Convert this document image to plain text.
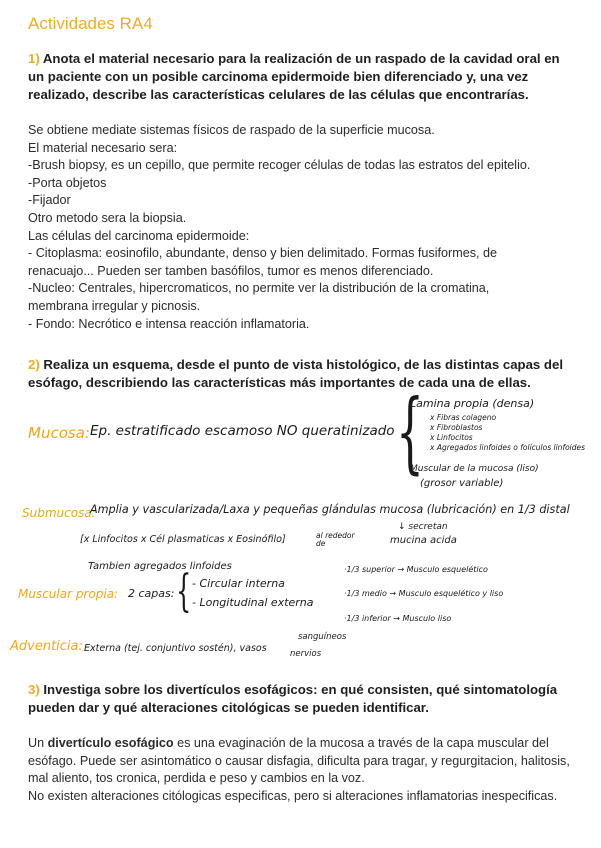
Actividades RA4
1) Anota el material necesario para la realización de un raspado de la cavidad oral en un paciente con un posible carcinoma epidermoide bien diferenciado y, una vez realizado, describe las características celulares de las células que encontrarías.
Se obtiene mediate sistemas físicos de raspado de la superficie mucosa.
El material necesario sera:
-Brush biopsy, es un cepillo, que permite recoger células de todas las estratos del epitelio.
-Porta objetos
-Fijador
Otro metodo sera la biopsia.
Las células del carcinoma epidermoide:
- Citoplasma: eosinofilo, abundante, denso y bien delimitado. Formas fusiformes, de
renacuajo... Pueden ser tamben basófilos, tumor es menos diferenciado.
-Nucleo: Centrales, hipercromaticos, no permite ver la distribución de la cromatina,
membrana irregular y picnosis.
- Fondo: Necrótico e intensa reacción inflamatoria.
2) Realiza un esquema, desde el punto de vista histológico, de las distintas capas del esófago, describiendo las características más importantes de cada una de ellas.
Mucosa: Ep. estratificado escamoso NO queratinizado {
Lamina propia (densa)
x Fibras colageno
x Fibroblastos
x Linfocitos
x Agregados linfoides o folículos linfoides
Muscular de la mucosa (liso)
(grosor variable)
Submucosa:
Amplia y vascularizada/Laxa y pequeñas glándulas mucosa (lubricación) en 1/3 distal
↓ secretan
mucina acida
[x Linfocitos x Cél plasmaticas x Eosinófilo]	al rededor de
Tambien agregados linfoides
Muscular propia: 2 capas: { - Circular interna
- Longitudinal externa
·1/3 superior → Musculo esquelético
·1/3 medio → Musculo esquelético y liso
·1/3 inferior → Musculo liso
Adventicia: Externa (tej. conjuntivo sostén), vasos
sanguíneos
nervios
3) Investiga sobre los divertículos esofágicos: en qué consisten, qué sintomatología pueden dar y qué alteraciones citológicas se pueden identificar.
Un divertículo esofágico es una evaginación de la mucosa a través de la capa muscular del esófago. Puede ser asintomático o causar disfagia, dificulta para tragar, y regurgitacion, halitosis, mal aliento, tos cronica, perdida e peso y cambios en la voz.
No existen alteraciones citólogicas especificas, pero si alteraciones inflamatorias inespecificas.
